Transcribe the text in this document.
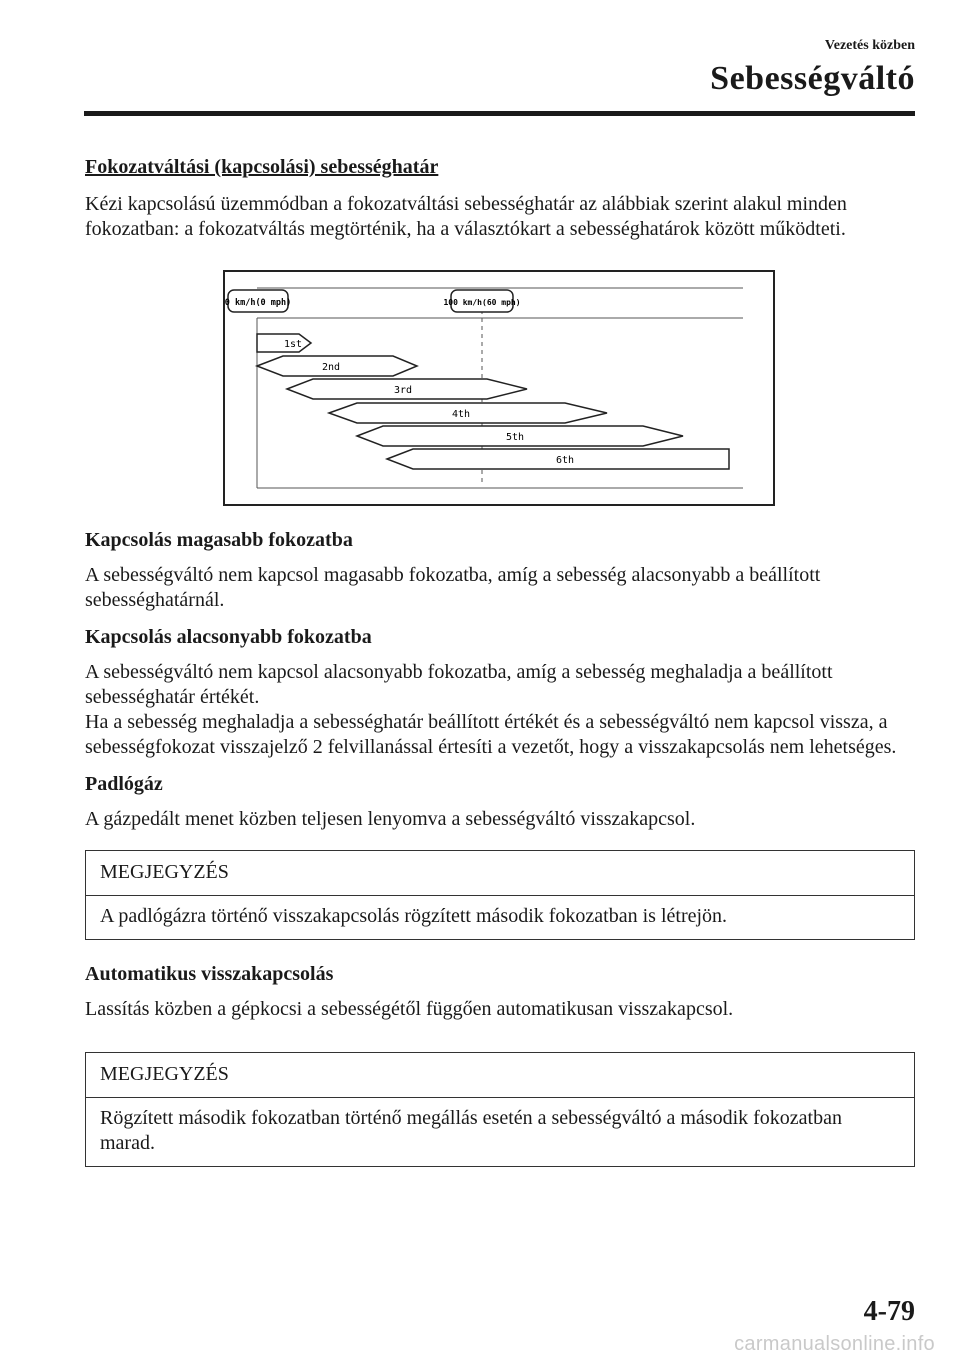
Vezetés közben
Sebességváltó

Fokozatváltási (kapcsolási) sebességhatár

Kézi kapcsolású üzemmódban a fokozatváltási sebességhatár az alábbiak szerint alakul minden fokozatban: a fokozatváltás megtörténik, ha a választókart a sebességhatárok között működteti.

0 km/h(0 mph)	100 km/h(60 mph)
1st
2nd
3rd
4th
5th
6th

Kapcsolás magasabb fokozatba

A sebességváltó nem kapcsol magasabb fokozatba, amíg a sebesség alacsonyabb a beállított sebességhatárnál.

Kapcsolás alacsonyabb fokozatba

A sebességváltó nem kapcsol alacsonyabb fokozatba, amíg a sebesség meghaladja a beállított sebességhatár értékét.

Ha a sebesség meghaladja a sebességhatár beállított értékét és a sebességváltó nem kapcsol vissza, a sebességfokozat visszajelző 2 felvillanással értesíti a vezetőt, hogy a visszakapcsolás nem lehetséges.

Padlógáz

A gázpedált menet közben teljesen lenyomva a sebességváltó visszakapcsol.

MEGJEGYZÉS
A padlógázra történő visszakapcsolás rögzített második fokozatban is létrejön.

Automatikus visszakapcsolás

Lassítás közben a gépkocsi a sebességétől függően automatikusan visszakapcsol.

MEGJEGYZÉS
Rögzített második fokozatban történő megállás esetén a sebességváltó a második fokozatban marad.

4-79

carmanualsonline.info
